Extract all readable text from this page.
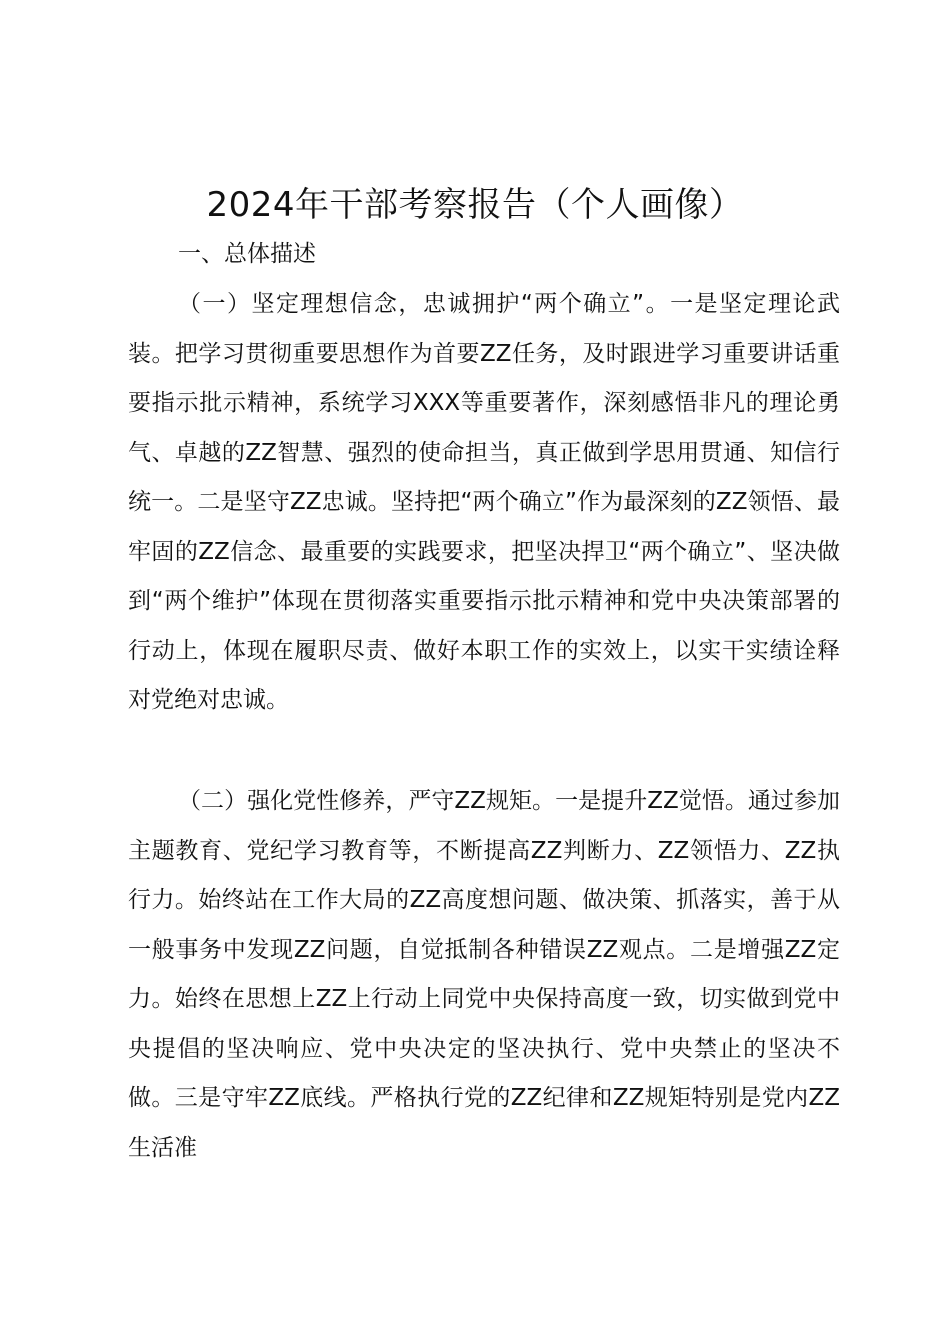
2024年干部考察报告（个人画像）
一、总体描述

（一）坚定理想信念，忠诚拥护“两个确立”。一是坚定理论武装。把学习贯彻重要思想作为首要ZZ任务，及时跟进学习重要讲话重要指示批示精神，系统学习XXX等重要著作，深刻感悟非凡的理论勇气、卓越的ZZ智慧、强烈的使命担当，真正做到学思用贯通、知信行统一。二是坚守ZZ忠诚。坚持把“两个确立”作为最深刻的ZZ领悟、最牢固的ZZ信念、最重要的实践要求，把坚决捍卫“两个确立”、坚决做到“两个维护”体现在贯彻落实重要指示批示精神和党中央决策部署的行动上，体现在履职尽责、做好本职工作的实效上，以实干实绩诠释对党绝对忠诚。

（二）强化党性修养，严守ZZ规矩。一是提升ZZ觉悟。通过参加主题教育、党纪学习教育等，不断提高ZZ判断力、ZZ领悟力、ZZ执行力。始终站在工作大局的ZZ高度想问题、做决策、抓落实，善于从一般事务中发现ZZ问题，自觉抵制各种错误ZZ观点。二是增强ZZ定力。始终在思想上ZZ上行动上同党中央保持高度一致，切实做到党中央提倡的坚决响应、党中央决定的坚决执行、党中央禁止的坚决不做。三是守牢ZZ底线。严格执行党的ZZ纪律和ZZ规矩特别是党内ZZ生活准
